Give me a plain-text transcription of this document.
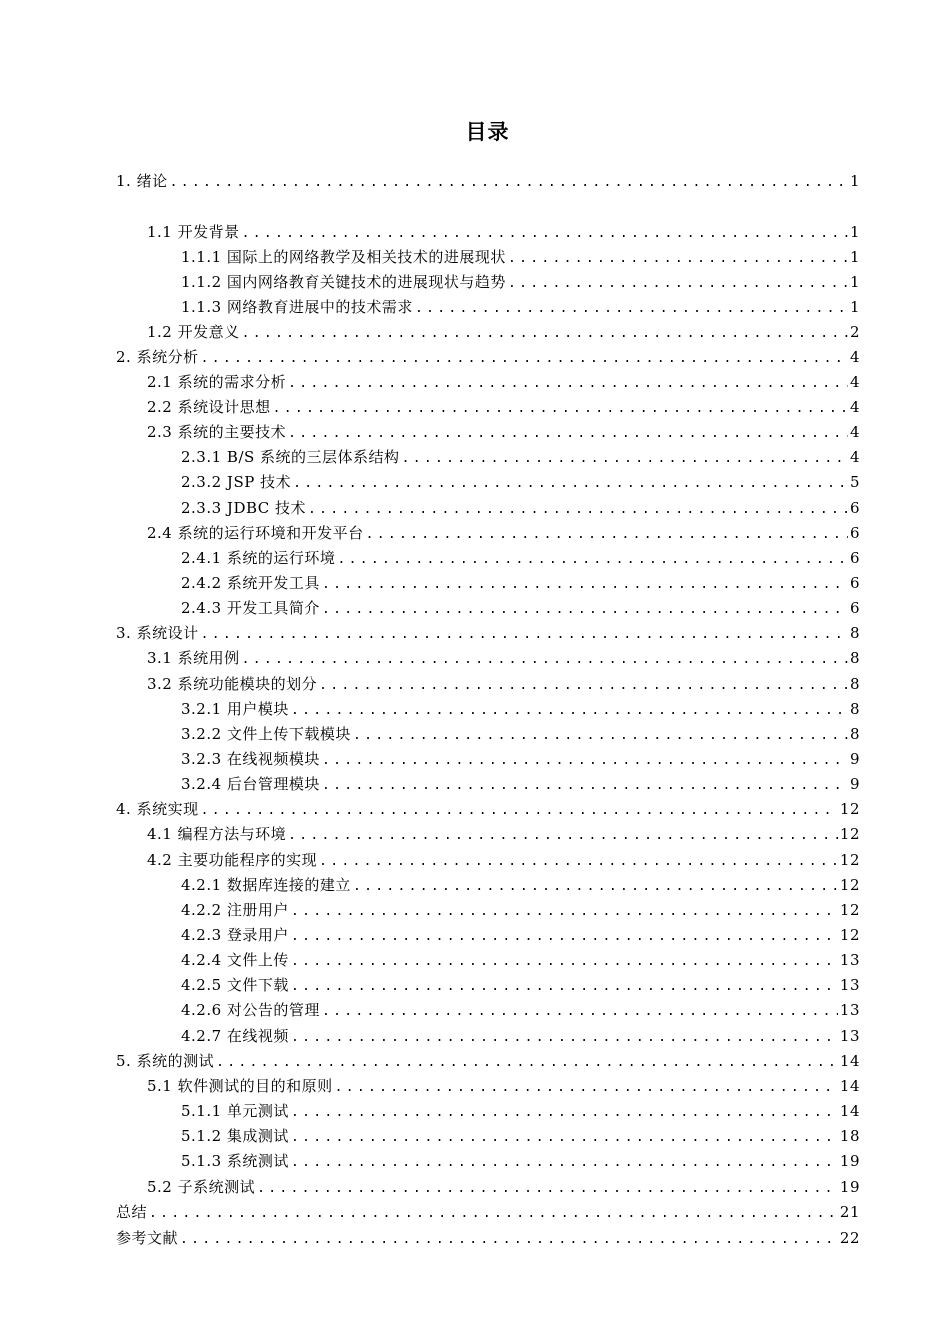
目录
1. 绪论 .....	1
1.1 开发背景 .....	1
1.1.1 国际上的网络教学及相关技术的进展现状 .....	1
1.1.2 国内网络教育关键技术的进展现状与趋势 .....	1
1.1.3 网络教育进展中的技术需求 .....	1
1.2 开发意义 .....	2
2. 系统分析 .....	4
2.1 系统的需求分析 .....	4
2.2 系统设计思想 .....	4
2.3 系统的主要技术 .....	4
2.3.1 B/S 系统的三层体系结构 .....	4
2.3.2 JSP 技术 .....	5
2.3.3 JDBC 技术 .....	6
2.4 系统的运行环境和开发平台 .....	6
2.4.1 系统的运行环境 .....	6
2.4.2 系统开发工具 .....	6
2.4.3 开发工具简介 .....	6
3. 系统设计 .....	8
3.1 系统用例 .....	8
3.2 系统功能模块的划分 .....	8
3.2.1 用户模块 .....	8
3.2.2 文件上传下载模块 .....	8
3.2.3 在线视频模块 .....	9
3.2.4 后台管理模块 .....	9
4. 系统实现 .....	12
4.1 编程方法与环境 .....	12
4.2 主要功能程序的实现 .....	12
4.2.1 数据库连接的建立 .....	12
4.2.2 注册用户 .....	12
4.2.3 登录用户 .....	12
4.2.4 文件上传 .....	13
4.2.5 文件下载 .....	13
4.2.6 对公告的管理 .....	13
4.2.7 在线视频 .....	13
5. 系统的测试 .....	14
5.1 软件测试的目的和原则 .....	14
5.1.1 单元测试 .....	14
5.1.2 集成测试 .....	18
5.1.3 系统测试 .....	19
5.2 子系统测试 .....	19
总结 .....	21
参考文献 .....	22
